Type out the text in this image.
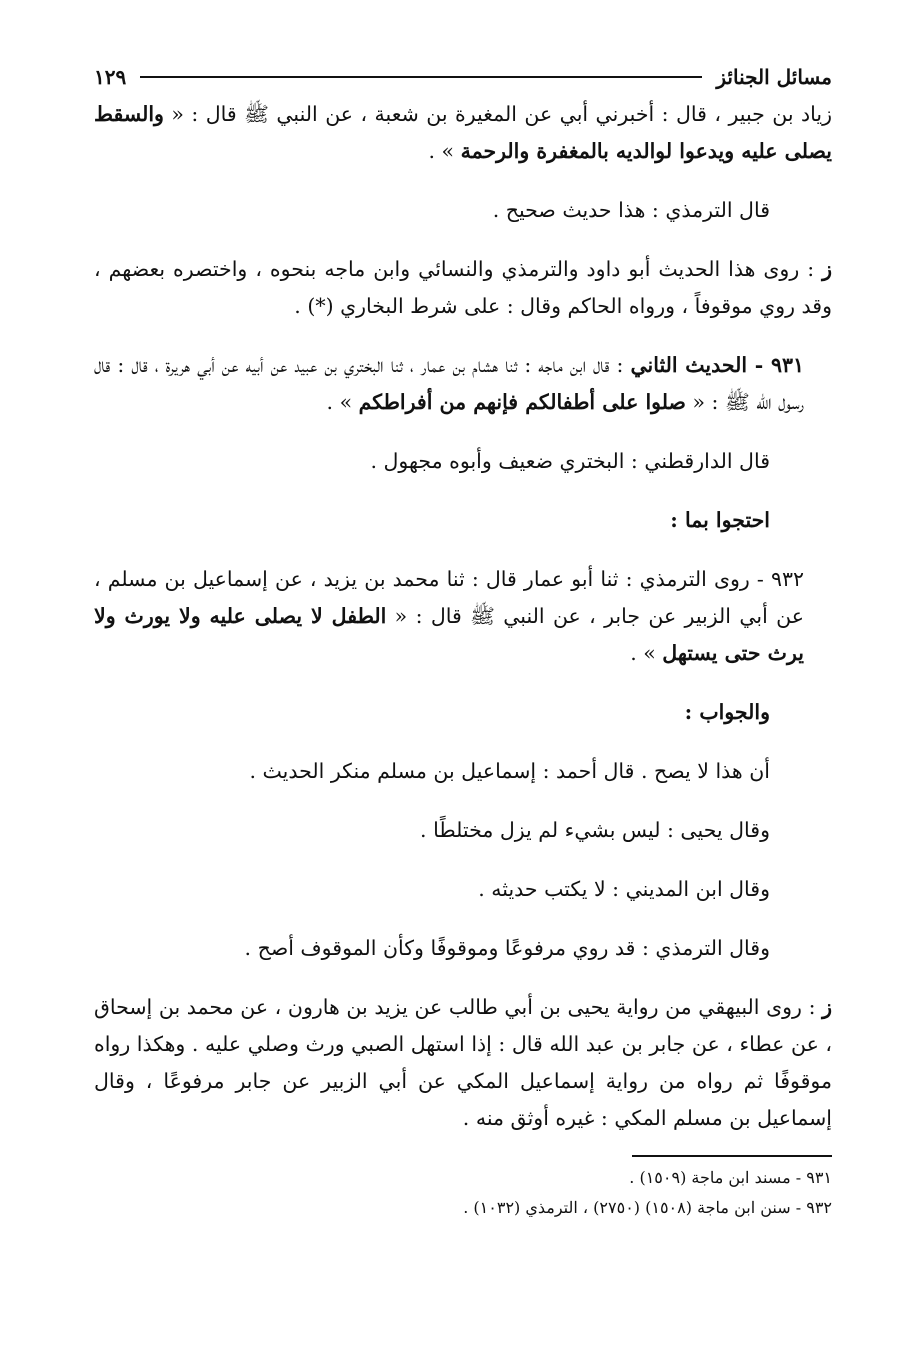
مسائل الجنائز
١٢٩

زياد بن جبير ، قال : أخبرني أبي عن المغيرة بن شعبة ، عن النبي ﷺ قال : « والسقط يصلى عليه ويدعوا لوالديه بالمغفرة والرحمة » .

قال الترمذي : هذا حديث صحيح .

ز : روى هذا الحديث أبو داود والترمذي والنسائي وابن ماجه بنحوه ، واختصره بعضهم ، وقد روي موقوفاً ، ورواه الحاكم وقال : على شرط البخاري (*) .

٩٣١ - الحديث الثاني : قال ابن ماجه : ثنا هشام بن عمار ، ثنا البختري بن عبيد عن أبيه عن أبي هريرة ، قال : قال رسول الله ﷺ : « صلوا على أطفالكم فإنهم من أفراطكم » .

قال الدارقطني : البختري ضعيف وأبوه مجهول .

احتجوا بما :

٩٣٢ - روى الترمذي : ثنا أبو عمار قال : ثنا محمد بن يزيد ، عن إسماعيل بن مسلم ، عن أبي الزبير عن جابر ، عن النبي ﷺ قال : « الطفل لا يصلى عليه ولا يورث ولا يرث حتى يستهل » .

والجواب :

أن هذا لا يصح . قال أحمد : إسماعيل بن مسلم منكر الحديث .

وقال يحيى : ليس بشيء لم يزل مختلطًا .

وقال ابن المديني : لا يكتب حديثه .

وقال الترمذي : قد روي مرفوعًا وموقوفًا وكأن الموقوف أصح .

ز : روى البيهقي من رواية يحيى بن أبي طالب عن يزيد بن هارون ، عن محمد بن إسحاق ، عن عطاء ، عن جابر بن عبد الله قال : إذا استهل الصبي ورث وصلي عليه . وهكذا رواه موقوفًا ثم رواه من رواية إسماعيل المكي عن أبي الزبير عن جابر مرفوعًا ، وقال إسماعيل بن مسلم المكي : غيره أوثق منه .

٩٣١ - مسند ابن ماجة (١٥٠٩) .

٩٣٢ - سنن ابن ماجة (١٥٠٨) (٢٧٥٠) ، الترمذي (١٠٣٢) .
